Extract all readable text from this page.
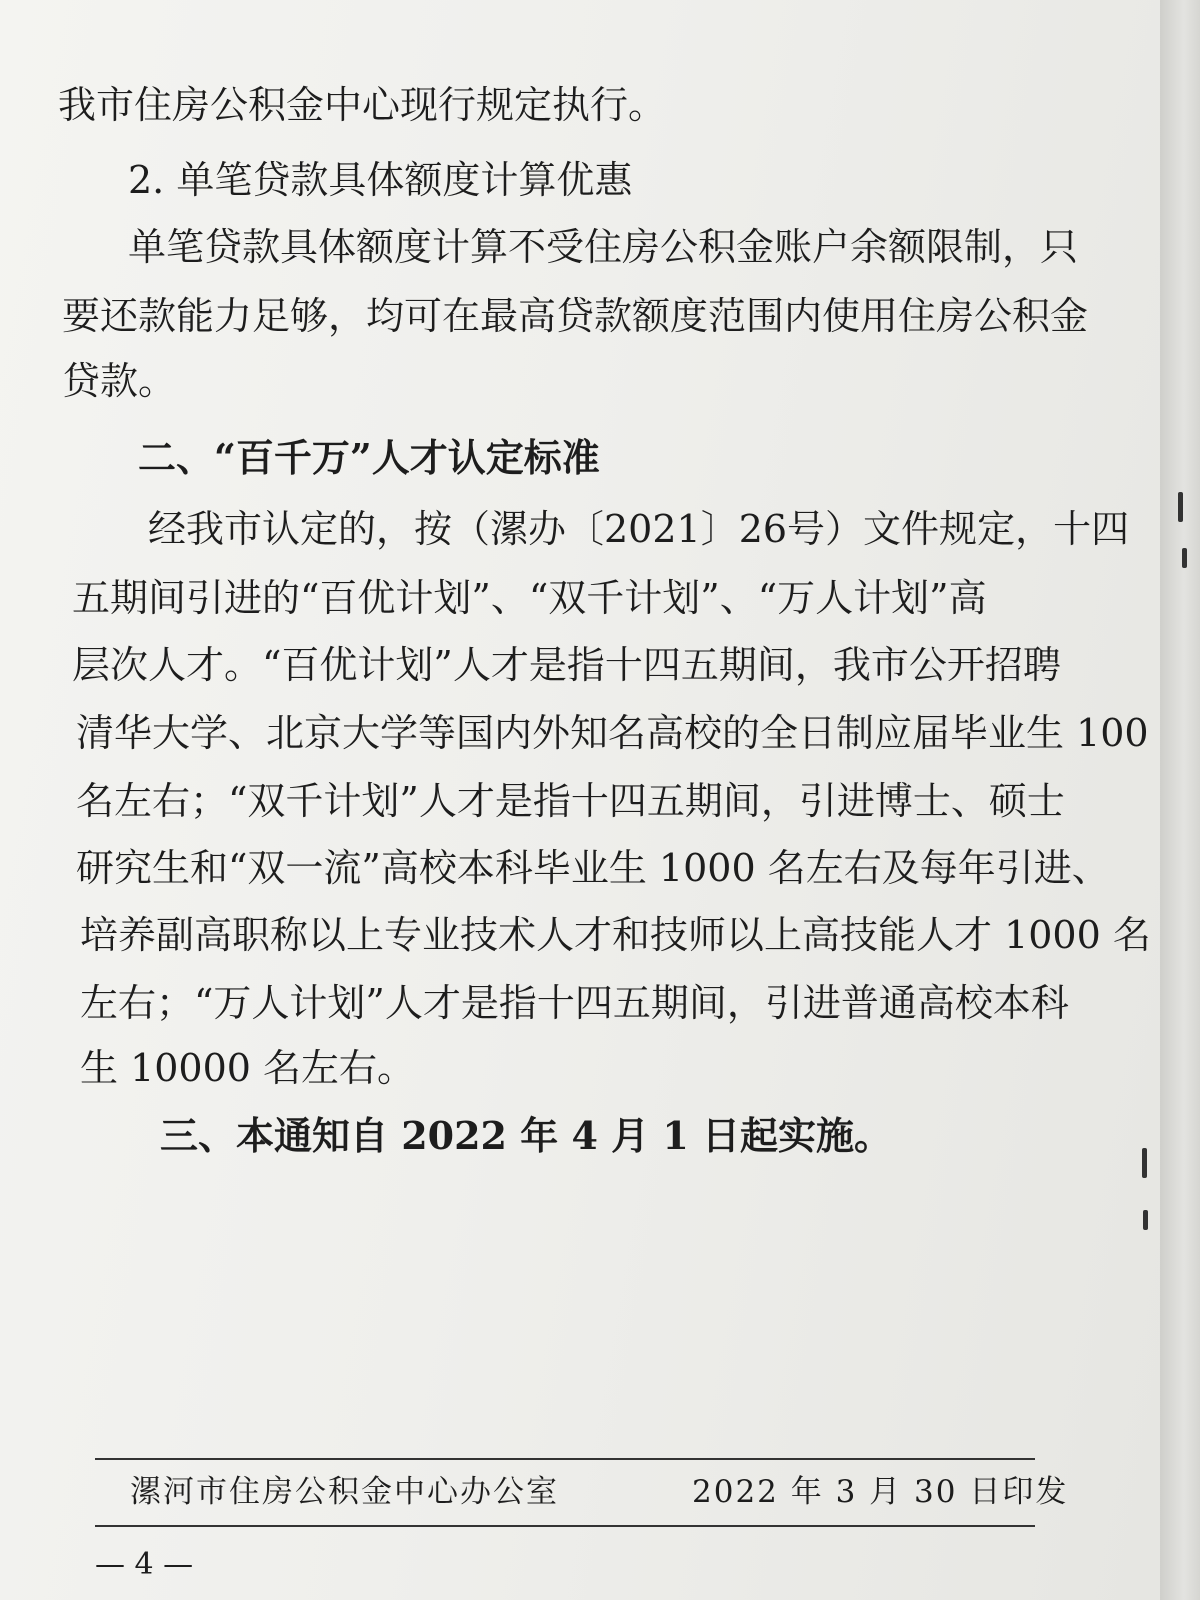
我市住房公积金中心现行规定执行。
2. 单笔贷款具体额度计算优惠
单笔贷款具体额度计算不受住房公积金账户余额限制，只
要还款能力足够，均可在最高贷款额度范围内使用住房公积金
贷款。
二、“百千万”人才认定标准
经我市认定的，按（漯办〔2021〕26号）文件规定，十四
五期间引进的“百优计划”、“双千计划”、“万人计划”高
层次人才。“百优计划”人才是指十四五期间，我市公开招聘
清华大学、北京大学等国内外知名高校的全日制应届毕业生 100
名左右；“双千计划”人才是指十四五期间，引进博士、硕士
研究生和“双一流”高校本科毕业生 1000 名左右及每年引进、
培养副高职称以上专业技术人才和技师以上高技能人才 1000 名
左右；“万人计划”人才是指十四五期间，引进普通高校本科
生 10000 名左右。
三、本通知自 2022 年 4 月 1 日起实施。
漯河市住房公积金中心办公室	2022 年 3 月 30 日印发
— 4 —
